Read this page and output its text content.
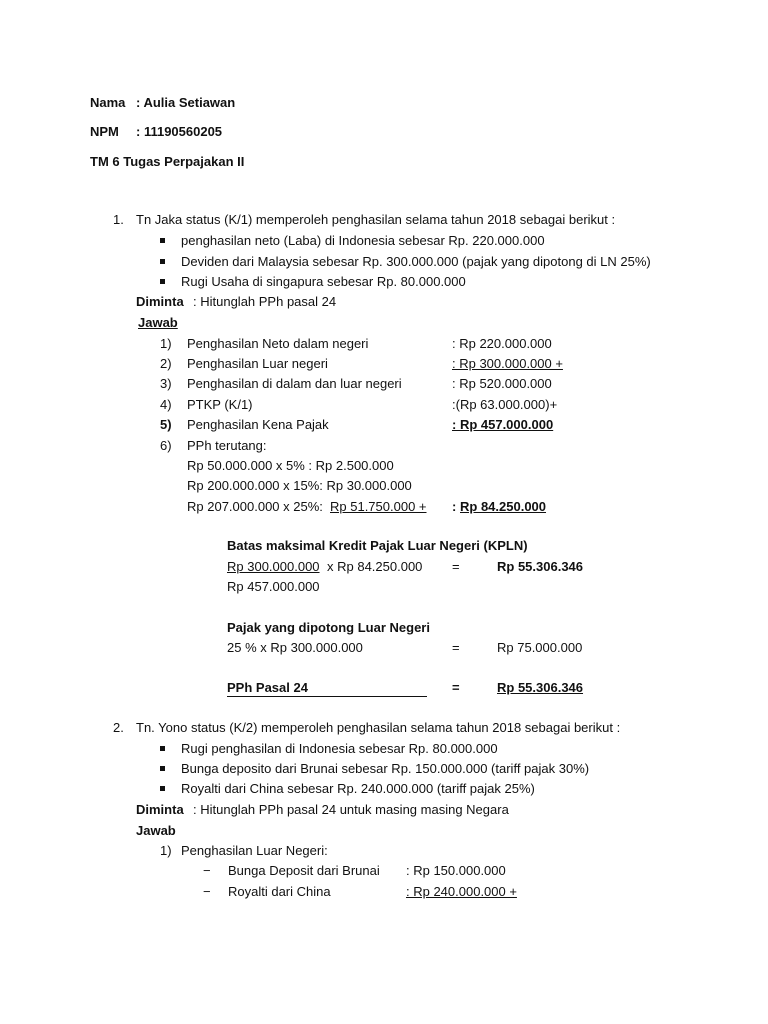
Nama : Aulia Setiawan
NPM : 11190560205
TM 6 Tugas Perpajakan II
1. Tn Jaka status (K/1) memperoleh penghasilan selama tahun 2018 sebagai berikut :
penghasilan neto (Laba) di Indonesia sebesar Rp. 220.000.000
Deviden dari Malaysia sebesar Rp. 300.000.000 (pajak yang dipotong di LN 25%)
Rugi Usaha di singapura sebesar Rp. 80.000.000
Diminta : Hitunglah PPh pasal 24
Jawab
1) Penghasilan Neto dalam negeri	: Rp 220.000.000
2) Penghasilan Luar negeri	: Rp 300.000.000 +
3) Penghasilan di dalam dan luar negeri	: Rp 520.000.000
4) PTKP (K/1)	:(Rp 63.000.000)+
5) Penghasilan Kena Pajak	: Rp 457.000.000
6) PPh terutang:
Rp 50.000.000 x 5% : Rp 2.500.000
Rp 200.000.000 x 15%: Rp 30.000.000
Rp 207.000.000 x 25%: Rp 51.750.000 + : Rp 84.250.000
Batas maksimal Kredit Pajak Luar Negeri (KPLN)
Rp 300.000.000 x Rp 84.250.000 =	Rp 55.306.346
Rp 457.000.000
Pajak yang dipotong Luar Negeri
25 % x Rp 300.000.000	=	Rp 75.000.000
PPh Pasal 24	=	Rp 55.306.346
2. Tn. Yono status (K/2) memperoleh penghasilan selama tahun 2018 sebagai berikut :
Rugi penghasilan di Indonesia sebesar Rp. 80.000.000
Bunga deposito dari Brunai sebesar Rp. 150.000.000 (tariff pajak 30%)
Royalti dari China sebesar Rp. 240.000.000 (tariff pajak 25%)
Diminta : Hitunglah PPh pasal 24 untuk masing masing Negara
Jawab
1) Penghasilan Luar Negeri:
− Bunga Deposit dari Brunai : Rp 150.000.000
− Royalti dari China	: Rp 240.000.000 +
